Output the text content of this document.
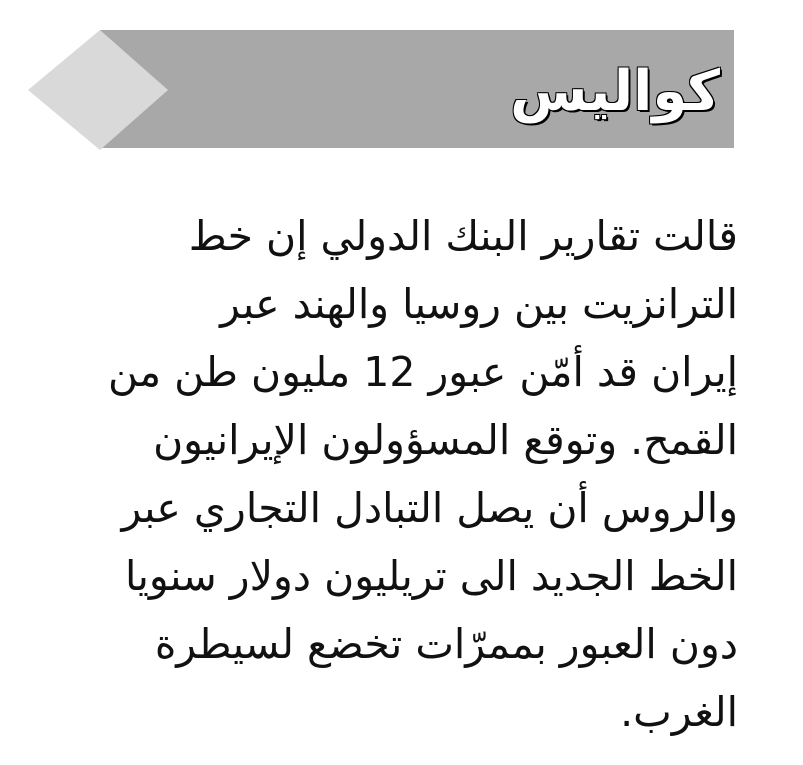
كواليس
قالت تقارير البنك الدولي إن خط
الترانزيت بين روسيا والهند عبر
إيران قد أمّن عبور 12 مليون طن من
القمح. وتوقع المسؤولون الإيرانيون
والروس أن يصل التبادل التجاري عبر
الخط الجديد الى تريليون دولار سنويا
دون العبور بممرّات تخضع لسيطرة
الغرب.
